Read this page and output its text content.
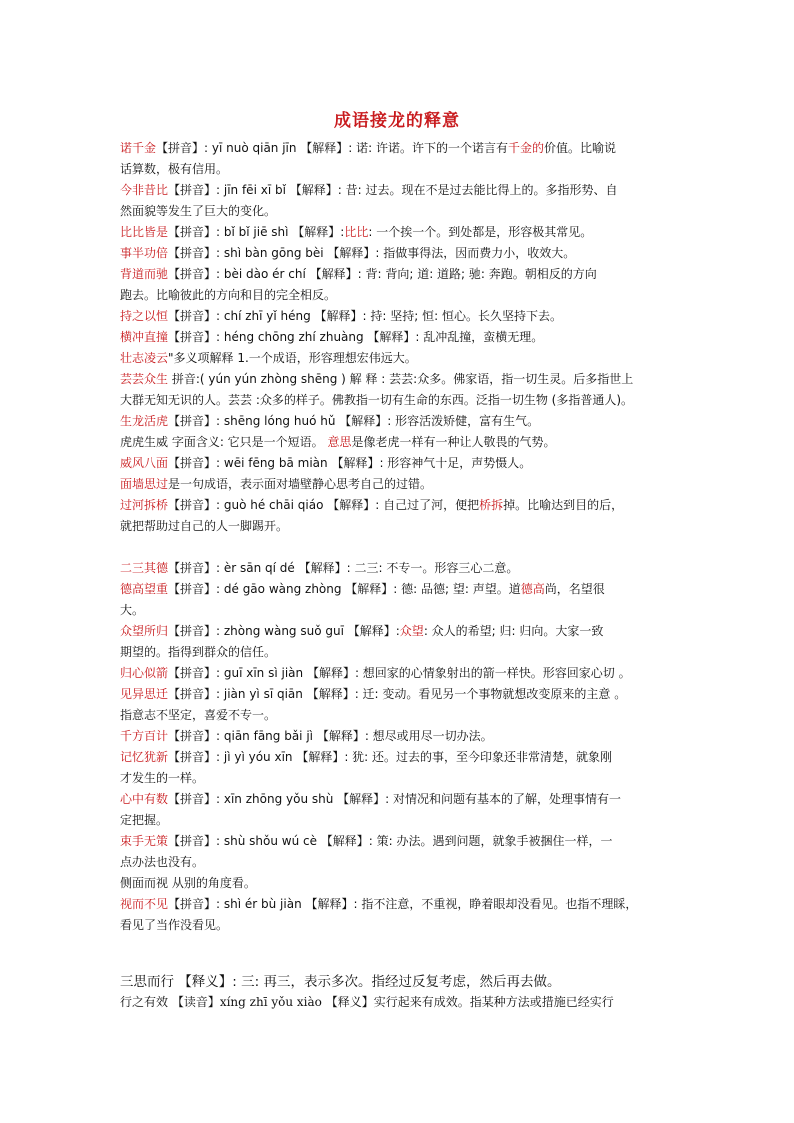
成语接龙的释意
诺千金【拼音】: yī nuò qiān jīn 【解释】: 诺: 许诺。许下的一个诺言有千金的价值。比喻说
话算数，极有信用。
今非昔比【拼音】: jīn fēi xī bǐ 【解释】: 昔: 过去。现在不是过去能比得上的。多指形势、自
然面貌等发生了巨大的变化。
比比皆是【拼音】: bǐ bǐ jiē shì 【解释】:比比: 一个挨一个。到处都是，形容极其常见。
事半功倍【拼音】: shì bàn gōng bèi 【解释】: 指做事得法，因而费力小，收效大。
背道而驰【拼音】: bèi dào ér chí 【解释】: 背: 背向; 道: 道路; 驰: 奔跑。朝相反的方向
跑去。比喻彼此的方向和目的完全相反。
持之以恒【拼音】: chí zhī yǐ héng 【解释】: 持: 坚持; 恒: 恒心。长久坚持下去。
横冲直撞【拼音】: héng chōng zhí zhuàng 【解释】: 乱冲乱撞，蛮横无理。
壮志凌云"多义项解释 1.一个成语，形容理想宏伟远大。
芸芸众生 拼音:( yún yún zhòng shēng ) 解 释 : 芸芸:众多。佛家语，指一切生灵。后多指世上
大群无知无识的人。芸芸 :众多的样子。佛教指一切有生命的东西。泛指一切生物 (多指普通人)。
生龙活虎【拼音】: shēng lóng huó hǔ 【解释】: 形容活泼矫健，富有生气。
虎虎生威 字面含义: 它只是一个短语。 意思是像老虎一样有一种让人敬畏的气势。
威风八面【拼音】: wēi fēng bā miàn 【解释】: 形容神气十足，声势慑人。
面墙思过是一句成语，表示面对墙壁静心思考自己的过错。
过河拆桥【拼音】: guò hé chāi qiáo 【解释】: 自己过了河，便把桥拆掉。比喻达到目的后，
就把帮助过自己的人一脚踢开。
二三其德【拼音】: èr sān qí dé 【解释】: 二三: 不专一。形容三心二意。
德高望重【拼音】: dé gāo wàng zhòng 【解释】: 德: 品德; 望: 声望。道德高尚，名望很
大。
众望所归【拼音】: zhòng wàng suǒ guī 【解释】:众望: 众人的希望; 归: 归向。大家一致
期望的。指得到群众的信任。
归心似箭【拼音】: guī xīn sì jiàn 【解释】: 想回家的心情象射出的箭一样快。形容回家心切 。
见异思迁【拼音】: jiàn yì sī qiān 【解释】: 迁: 变动。看见另一个事物就想改变原来的主意 。
指意志不坚定，喜爱不专一。
千方百计【拼音】: qiān fāng bǎi jì 【解释】: 想尽或用尽一切办法。
记忆犹新【拼音】: jì yì yóu xīn 【解释】: 犹: 还。过去的事，至今印象还非常清楚，就象刚
才发生的一样。
心中有数【拼音】: xīn zhōng yǒu shù 【解释】: 对情况和问题有基本的了解，处理事情有一
定把握。
束手无策【拼音】: shù shǒu wú cè 【解释】: 策: 办法。遇到问题，就象手被捆住一样，一
点办法也没有。
侧面而视 从别的角度看。
视而不见【拼音】: shì ér bù jiàn 【解释】: 指不注意，不重视，睁着眼却没看见。也指不理睬，
看见了当作没看见。
三思而行 【释义】: 三: 再三，表示多次。指经过反复考虑，然后再去做。
行之有效 【读音】xíng zhī yǒu xiào 【释义】实行起来有成效。指某种方法或措施已经实行
